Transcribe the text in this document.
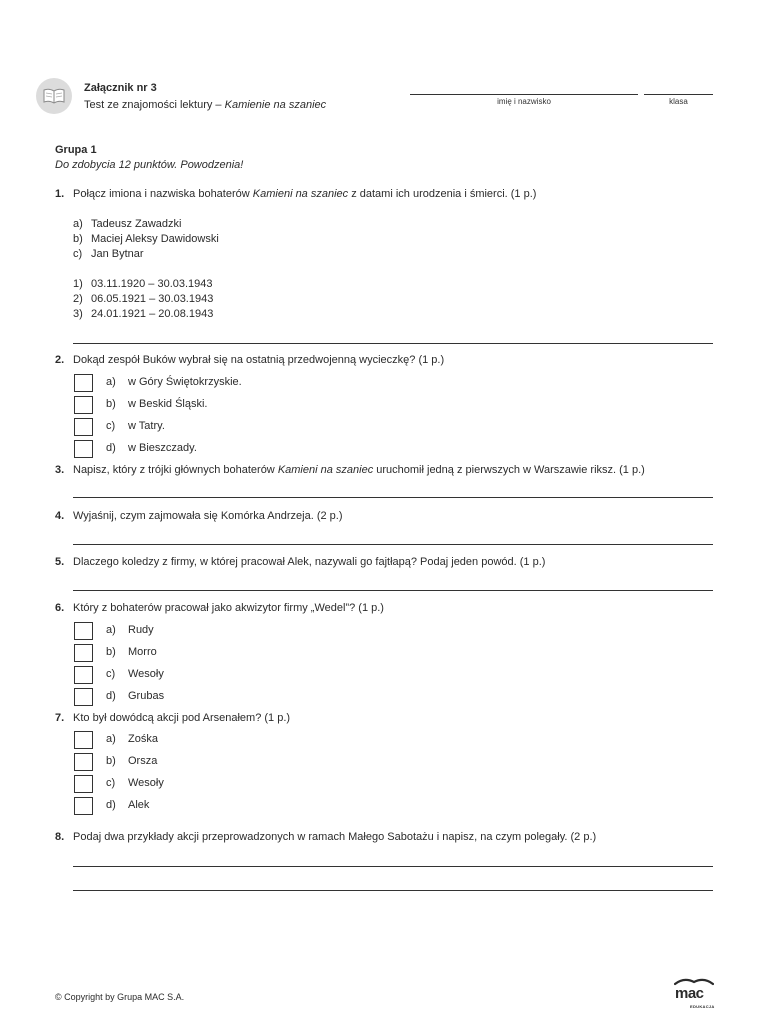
Załącznik nr 3
Test ze znajomości lektury – Kamienie na szaniec	imię i nazwisko	klasa
Grupa 1
Do zdobycia 12 punktów. Powodzenia!
1. Połącz imiona i nazwiska bohaterów Kamieni na szaniec z datami ich urodzenia i śmierci. (1 p.)
a) Tadeusz Zawadzki
b) Maciej Aleksy Dawidowski
c) Jan Bytnar
1) 03.11.1920 – 30.03.1943
2) 06.05.1921 – 30.03.1943
3) 24.01.1921 – 20.08.1943
2. Dokąd zespół Buków wybrał się na ostatnią przedwojenną wycieczkę? (1 p.)
a) w Góry Świętokrzyskie.
b) w Beskid Śląski.
c) w Tatry.
d) w Bieszczady.
3. Napisz, który z trójki głównych bohaterów Kamieni na szaniec uruchomił jedną z pierwszych w Warszawie riksz. (1 p.)
4. Wyjaśnij, czym zajmowała się Komórka Andrzeja. (2 p.)
5. Dlaczego koledzy z firmy, w której pracował Alek, nazywali go fajtłapą? Podaj jeden powód. (1 p.)
6. Który z bohaterów pracował jako akwizytor firmy „Wedel”? (1 p.)
a) Rudy
b) Morro
c) Wesoły
d) Grubas
7. Kto był dowódcą akcji pod Arsenałem? (1 p.)
a) Zośka
b) Orsza
c) Wesoły
d) Alek
8. Podaj dwa przykłady akcji przeprowadzonych w ramach Małego Sabotażu i napisz, na czym polegały. (2 p.)
© Copyright by Grupa MAC S.A.	mac
EDUKACJA
